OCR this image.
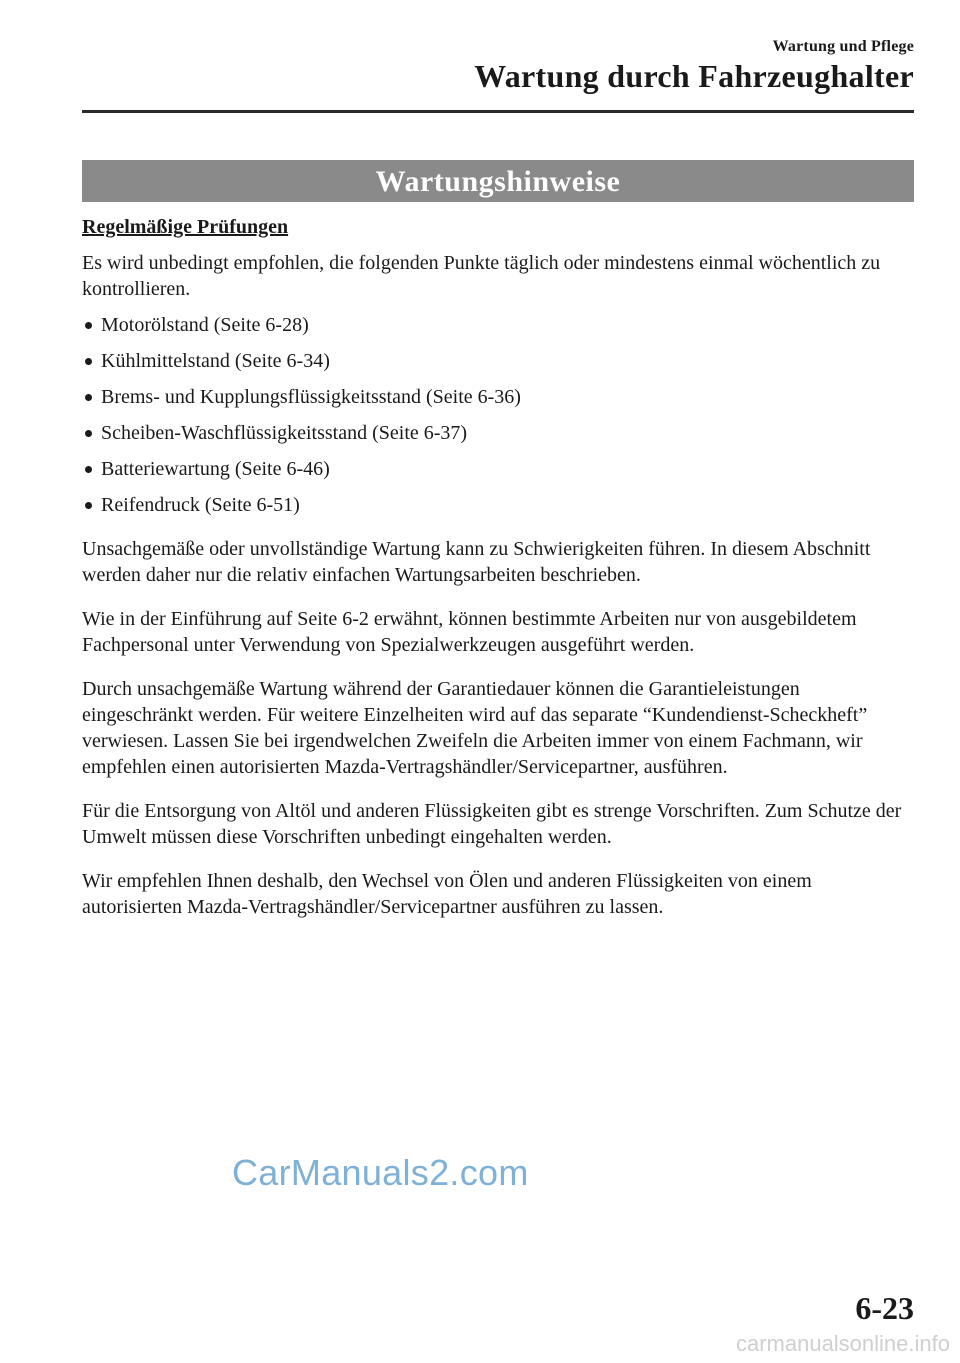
Wartung und Pflege
Wartung durch Fahrzeughalter
Wartungshinweise
Regelmäßige Prüfungen

Es wird unbedingt empfohlen, die folgenden Punkte täglich oder mindestens einmal wöchentlich zu kontrollieren.

Motorölstand (Seite 6-28)
Kühlmittelstand (Seite 6-34)
Brems- und Kupplungsflüssigkeitsstand (Seite 6-36)
Scheiben-Waschflüssigkeitsstand (Seite 6-37)
Batteriewartung (Seite 6-46)
Reifendruck (Seite 6-51)

Unsachgemäße oder unvollständige Wartung kann zu Schwierigkeiten führen. In diesem Abschnitt werden daher nur die relativ einfachen Wartungsarbeiten beschrieben.

Wie in der Einführung auf Seite 6-2 erwähnt, können bestimmte Arbeiten nur von ausgebildetem Fachpersonal unter Verwendung von Spezialwerkzeugen ausgeführt werden.

Durch unsachgemäße Wartung während der Garantiedauer können die Garantieleistungen eingeschränkt werden. Für weitere Einzelheiten wird auf das separate “Kundendienst-Scheckheft” verwiesen. Lassen Sie bei irgendwelchen Zweifeln die Arbeiten immer von einem Fachmann, wir empfehlen einen autorisierten Mazda-Vertragshändler/Servicepartner, ausführen.

Für die Entsorgung von Altöl und anderen Flüssigkeiten gibt es strenge Vorschriften. Zum Schutze der Umwelt müssen diese Vorschriften unbedingt eingehalten werden.

Wir empfehlen Ihnen deshalb, den Wechsel von Ölen und anderen Flüssigkeiten von einem autorisierten Mazda-Vertragshändler/Servicepartner ausführen zu lassen.

CarManuals2.com
6-23
carmanualsonline.info
